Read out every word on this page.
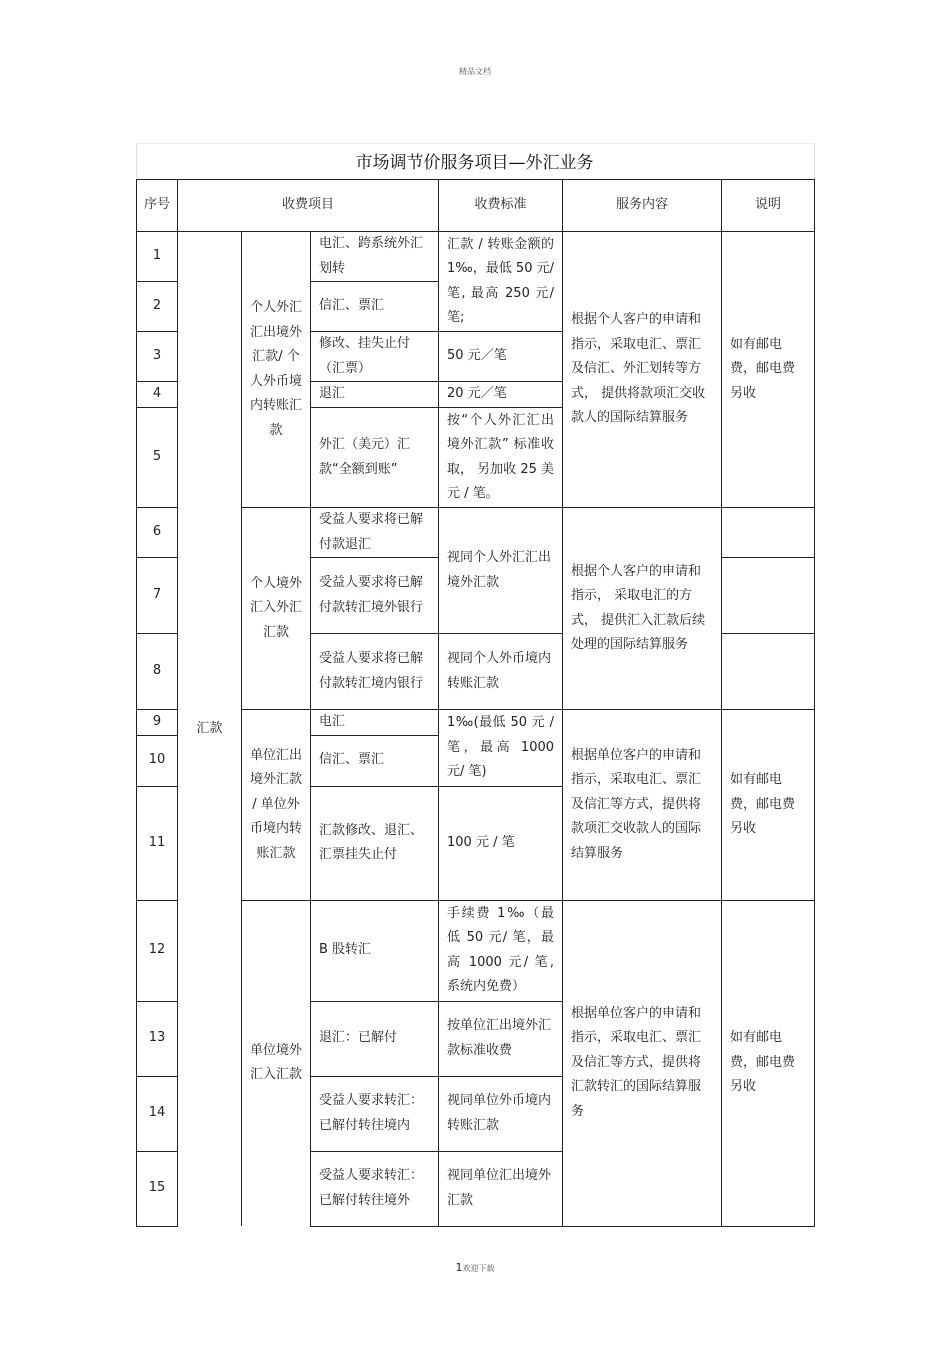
精品文档
市场调节价服务项目—外汇业务
序号	收费项目			收费标准	服务内容	说明
1	汇款	个人外汇汇出境外汇款/ 个人外币境内转账汇款	电汇、跨系统外汇划转	汇款 / 转账金额的 1‰，最低 50 元/ 笔, 最高 250 元/ 笔;	根据个人客户的申请和指示，采取电汇、票汇及信汇、外汇划转等方式， 提供将款项汇交收款人的国际结算服务	如有邮电费，邮电费另收
2			信汇、票汇			
3			修改、挂失止付（汇票）	50 元／笔		
4			退汇	20 元／笔		
5			外汇（美元）汇款“全额到账”	按“个人外汇汇出境外汇款” 标准收取， 另加收 25 美元 / 笔。		
6		个人境外汇入外汇汇款	受益人要求将已解付款退汇	视同个人外汇汇出境外汇款	根据个人客户的申请和指示， 采取电汇的方式， 提供汇入汇款后续处理的国际结算服务	
7			受益人要求将已解付款转汇境外银行			
8			受益人要求将已解付款转汇境内银行	视同个人外币境内转账汇款		
9		单位汇出境外汇款 / 单位外币境内转账汇款	电汇	1‰(最低 50 元 / 笔，最高 1000 元/ 笔)	根据单位客户的申请和指示，采取电汇、票汇及信汇等方式，提供将款项汇交收款人的国际结算服务	如有邮电费，邮电费另收
10			信汇、票汇			
11			汇款修改、退汇、汇票挂失止付	100 元 / 笔		
12		单位境外汇入汇款	B 股转汇	手续费 1‰（最低 50 元/ 笔，最高 1000 元/ 笔, 系统内免费）	根据单位客户的申请和指示，采取电汇、票汇及信汇等方式，提供将汇款转汇的国际结算服务	如有邮电费，邮电费另收
13			退汇：已解付	按单位汇出境外汇款标准收费		
14			受益人要求转汇：已解付转往境内	视同单位外币境内转账汇款		
15			受益人要求转汇：已解付转往境外	视同单位汇出境外汇款		
1欢迎下载
